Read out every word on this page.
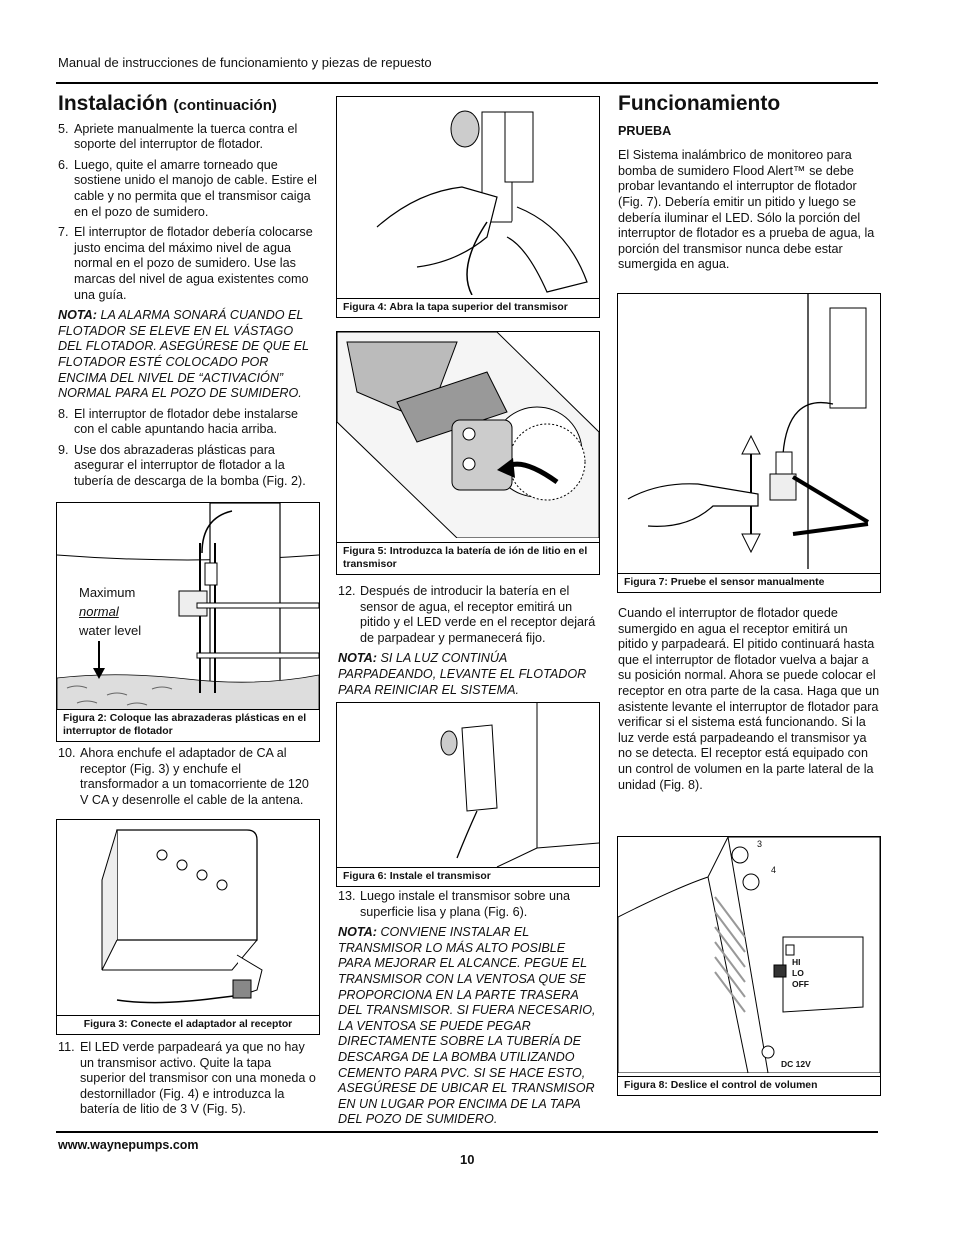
Manual de instrucciones de funcionamiento y piezas de repuesto
Instalación (continuación)
5. Apriete manualmente la tuerca contra el soporte del interruptor de flotador.
6. Luego, quite el amarre torneado que sostiene unido el manojo de cable. Estire el cable y no permita que el transmisor caiga en el pozo de sumidero.
7. El interruptor de flotador debería colocarse justo encima del máximo nivel de agua normal en el pozo de sumidero. Use las marcas del nivel de agua existentes como una guía.

NOTA: LA ALARMA SONARÁ CUANDO EL FLOTADOR SE ELEVE EN EL VÁSTAGO DEL FLOTADOR. ASEGÚRESE DE QUE EL FLOTADOR ESTÉ COLOCADO POR ENCIMA DEL NIVEL DE “ACTIVACIÓN” NORMAL PARA EL POZO DE SUMIDERO.

8. El interruptor de flotador debe instalarse con el cable apuntando hacia arriba.
9. Use dos abrazaderas plásticas para asegurar el interruptor de flotador a la tubería de descarga de la bomba (Fig. 2).
Maximum
normal
water level
Figura 2: Coloque las abrazaderas plásticas en el interruptor de flotador
10. Ahora enchufe el adaptador de CA al receptor (Fig. 3) y enchufe el transformador a un tomacorriente de 120 V CA y desenrolle el cable de la antena.
Figura 3: Conecte el adaptador al receptor
11. El LED verde parpadeará ya que no hay un transmisor activo. Quite la tapa superior del transmisor con una moneda o destornillador (Fig. 4) e introduzca la batería de litio de 3 V (Fig. 5).
Figura 4: Abra la tapa superior del transmisor
Figura 5: Introduzca la batería de ión de litio en el transmisor
12. Después de introducir la batería en el sensor de agua, el receptor emitirá un pitido y el LED verde en el receptor dejará de parpadear y permanecerá fijo.

NOTA: SI LA LUZ CONTINÚA PARPADEANDO, LEVANTE EL FLOTADOR PARA REINICIAR EL SISTEMA.

Figura 6: Instale el transmisor
13. Luego instale el transmisor sobre una superficie lisa y plana (Fig. 6).

NOTA: CONVIENE INSTALAR EL TRANSMISOR LO MÁS ALTO POSIBLE PARA MEJORAR EL ALCANCE. PEGUE EL TRANSMISOR CON LA VENTOSA QUE SE PROPORCIONA EN LA PARTE TRASERA DEL TRANSMISOR. SI FUERA NECESARIO, LA VENTOSA SE PUEDE PEGAR DIRECTAMENTE SOBRE LA TUBERÍA DE DESCARGA DE LA BOMBA UTILIZANDO CEMENTO PARA PVC. SI SE HACE ESTO, ASEGÚRESE DE UBICAR EL TRANSMISOR EN UN LUGAR POR ENCIMA DE LA TAPA DEL POZO DE SUMIDERO.

Funcionamiento
PRUEBA

El Sistema inalámbrico de monitoreo para bomba de sumidero Flood Alert™ se debe probar levantando el interruptor de flotador (Fig. 7). Debería emitir un pitido y luego se debería iluminar el LED. Sólo la porción del interruptor de flotador es a prueba de agua, la porción del transmisor nunca debe estar sumergida en agua.

Figura 7: Pruebe el sensor manualmente

Cuando el interruptor de flotador quede sumergido en agua el receptor emitirá un pitido y parpadeará. El pitido continuará hasta que el interruptor de flotador vuelva a bajar a su posición normal. Ahora se puede colocar el receptor en otra parte de la casa. Haga que un asistente levante el interruptor de flotador para verificar si el sistema está funcionando. Si la luz verde está parpadeando el transmisor ya no se detecta. El receptor está equipado con un control de volumen en la parte lateral de la unidad (Fig. 8).

HI
LO
OFF
DC 12V
3
4
Figura 8: Deslice el control de volumen
www.waynepumps.com
10
